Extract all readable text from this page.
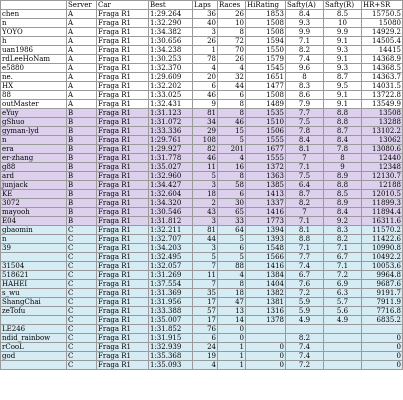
	Server	Car	Best	Laps	Races	HiRating	Safty(A)	Safty(R)	HR+SR
chen	A	Fraga R1	1:29.264	36	26	1853	8.4	8.5	15750.5
n	A	Fraga R1	1:32.290	40	10	1508	9.3	10	15080
YOYO	A	Fraga R1	1:34.382	3	8	1508	9.9	9.9	14929.2
h	A	Fraga R1	1:30.656	26	72	1594	7.1	9.1	14505.4
uan1986	A	Fraga R1	1:34.238	1	70	1550	8.2	9.3	14415
rdLeeHoNam	A	Fraga R1	1:30.253	78	26	1579	7.4	9.1	14368.9
e5880	A	Fraga R1	1:32.370	4	4	1545	9.6	9.3	14368.5
ne.	A	Fraga R1	1:29.609	20	32	1651	8	8.7	14363.7
HX	A	Fraga R1	1:32.202	6	44	1477	8.3	9.5	14031.5
88	A	Fraga R1	1:33.025	46	6	1508	8.6	9.1	13722.8
outMaster	A	Fraga R1	1:32.431	9	8	1489	7.9	9.1	13549.9
eYuy	B	Fraga R1	1:31.123	81	8	1535	7.7	8.8	13508
gShuo	B	Fraga R1	1:31.072	34	46	1510	7.5	8.8	13288
gyman-lyd	B	Fraga R1	1:33.336	29	15	1506	7.8	8.7	13102.2
n	B	Fraga R1	1:29.761	108	5	1555	8.4	8.4	13062
era	B	Fraga R1	1:29.927	82	201	1677	8.1	7.8	13080.6
er-zhang	B	Fraga R1	1:31.778	46	4	1555	7	8	12440
g88	B	Fraga R1	1:35.027	11	16	1372	7.1	9	12348
ard	B	Fraga R1	1:32.960	5	8	1363	7.5	8.9	12130.7
junjack	B	Fraga R1	1:34.427	3	58	1385	6.4	8.8	12188
KE	B	Fraga R1	1:32.604	18	6	1413	8.7	8.5	12010.5
3072	B	Fraga R1	1:34.320	2	30	1337	8.2	8.9	11899.3
mayooh	B	Fraga R1	1:30.546	43	65	1416	7	8.4	11894.4
E04	B	Fraga R1	1:31.812	3	33	1773	7.1	9.2	16311.6
gbaomin	C	Fraga R1	1:32.211	81	64	1394	8.1	8.3	11570.2
n	C	Fraga R1	1:32.707	44	5	1393	8.8	8.2	11422.6
39	C	Fraga R1	1:34.203	3	6	1548	7.1	7.1	10990.8
	C	Fraga R1	1:32.495	5	5	1566	7.7	6.7	10492.2
31504	C	Fraga R1	1:32.057	7	88	1416	7.4	7.1	10053.6
518621	C	Fraga R1	1:31.269	11	4	1384	6.7	7.2	9964.8
HAHEI	C	Fraga R1	1:37.554	7	8	1404	7.6	6.9	9687.6
s_wu	C	Fraga R1	1:31.369	35	18	1382	7.2	6.3	9191.7
ShangChai	C	Fraga R1	1:31.956	17	47	1381	5.9	5.7	7911.9
zeTofu	C	Fraga R1	1:33.388	57	13	1316	5.9	5.6	7716.8
	C	Fraga R1	1:35.007	17	14	1378	4.9	4.9	6835.2
LE246	C	Fraga R1	1:31.852	76	0				
ndid_rainbow	C	Fraga R1	1:31.915	6	0		8.2		0
rCooL	C	Fraga R1	1:32.939	24	1	0	7.4		0
god	C	Fraga R1	1:35.368	19	1	0	7.4		0
	C	Fraga R1	1:35.093	4	1	0	7.2		0
